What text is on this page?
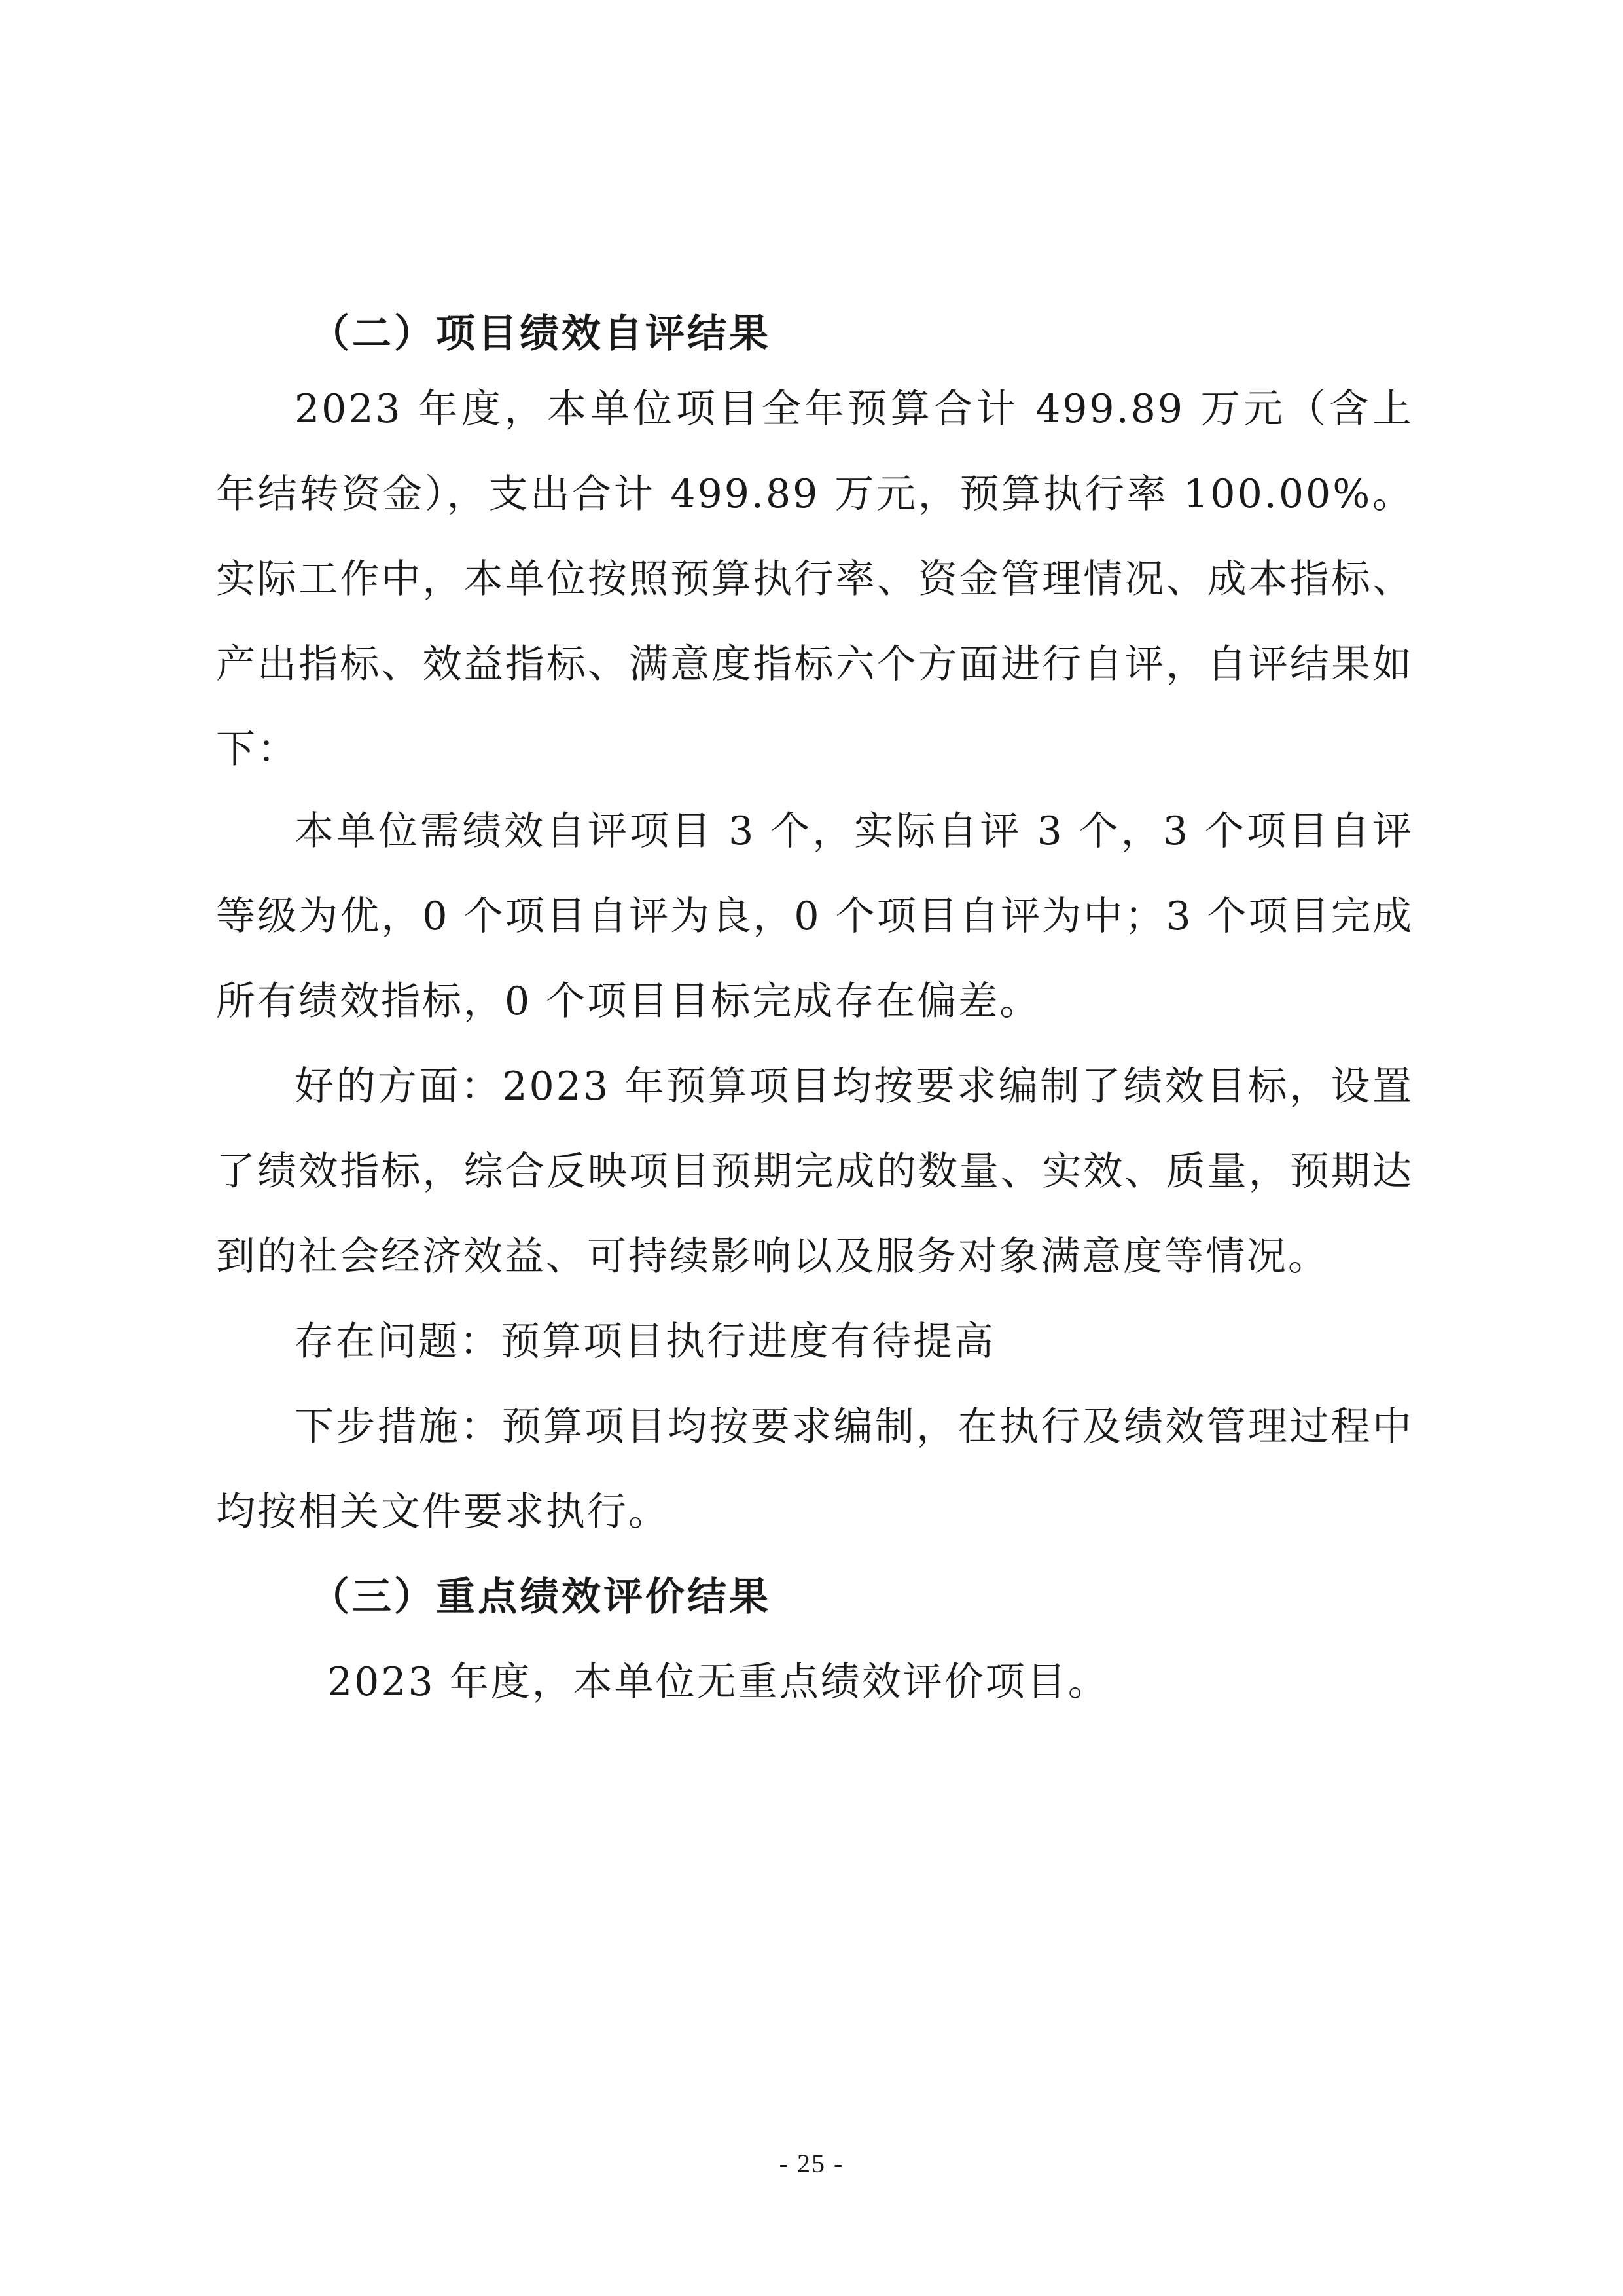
（二）项目绩效自评结果

2023 年度，本单位项目全年预算合计 499.89 万元（含上年结转资金），支出合计 499.89 万元，预算执行率 100.00%。实际工作中，本单位按照预算执行率、资金管理情况、成本指标、产出指标、效益指标、满意度指标六个方面进行自评，自评结果如下：

本单位需绩效自评项目 3 个，实际自评 3 个，3 个项目自评等级为优，0 个项目自评为良，0 个项目自评为中；3 个项目完成所有绩效指标，0 个项目目标完成存在偏差。

好的方面：2023 年预算项目均按要求编制了绩效目标，设置了绩效指标，综合反映项目预期完成的数量、实效、质量，预期达到的社会经济效益、可持续影响以及服务对象满意度等情况。

存在问题：预算项目执行进度有待提高

下步措施：预算项目均按要求编制，在执行及绩效管理过程中均按相关文件要求执行。

（三）重点绩效评价结果

2023 年度，本单位无重点绩效评价项目。

- 25 -
